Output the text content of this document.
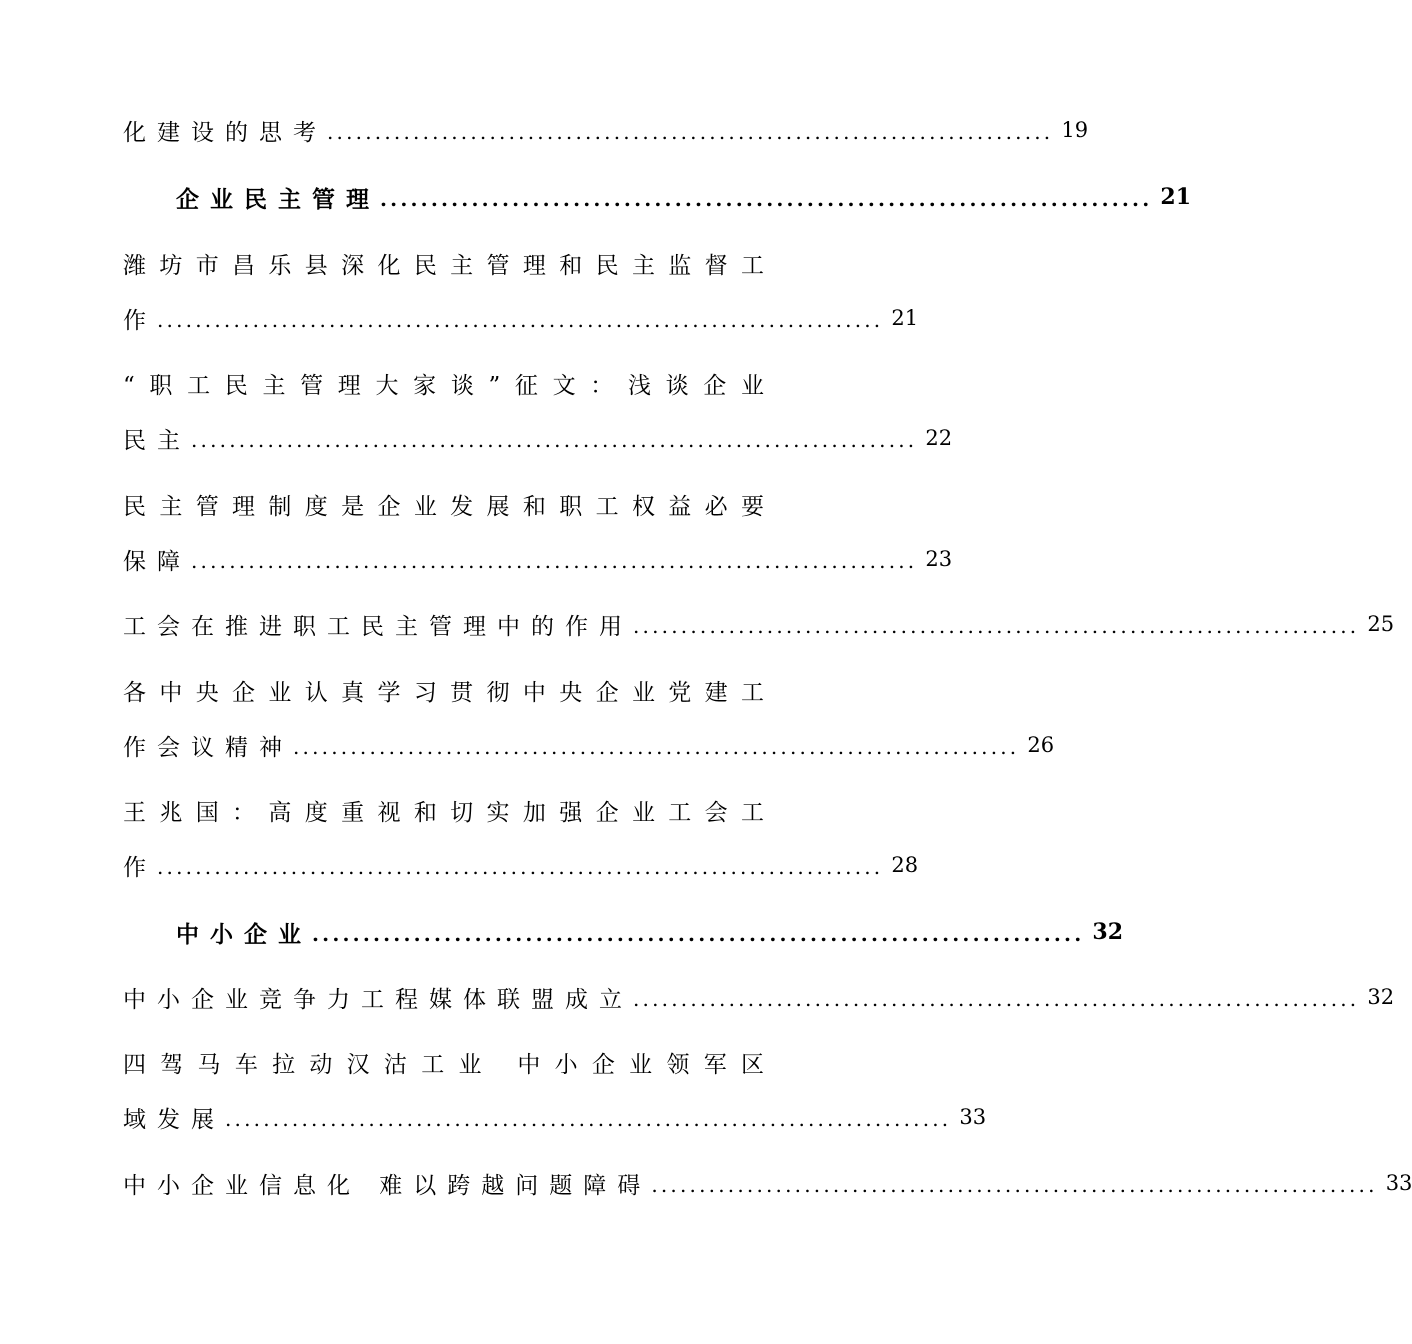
化建设的思考 ............................................................................ 19
企业民主管理 ............................................................................ 21
潍坊市昌乐县深化民主管理和民主监督工
作 ............................................................................ 21
“职工民主管理大家谈”征文：浅谈企业
民主 ............................................................................ 22
民主管理制度是企业发展和职工权益必要
保障 ............................................................................ 23
工会在推进职工民主管理中的作用 ............................................................................ 25
各中央企业认真学习贯彻中央企业党建工
作会议精神 ............................................................................ 26
王兆国：高度重视和切实加强企业工会工
作 ............................................................................ 28
中小企业 ............................................................................ 32
中小企业竞争力工程媒体联盟成立 ............................................................................ 32
四驾马车拉动汉沽工业 中小企业领军区
域发展 ............................................................................ 33
中小企业信息化 难以跨越问题障碍 ............................................................................ 33
